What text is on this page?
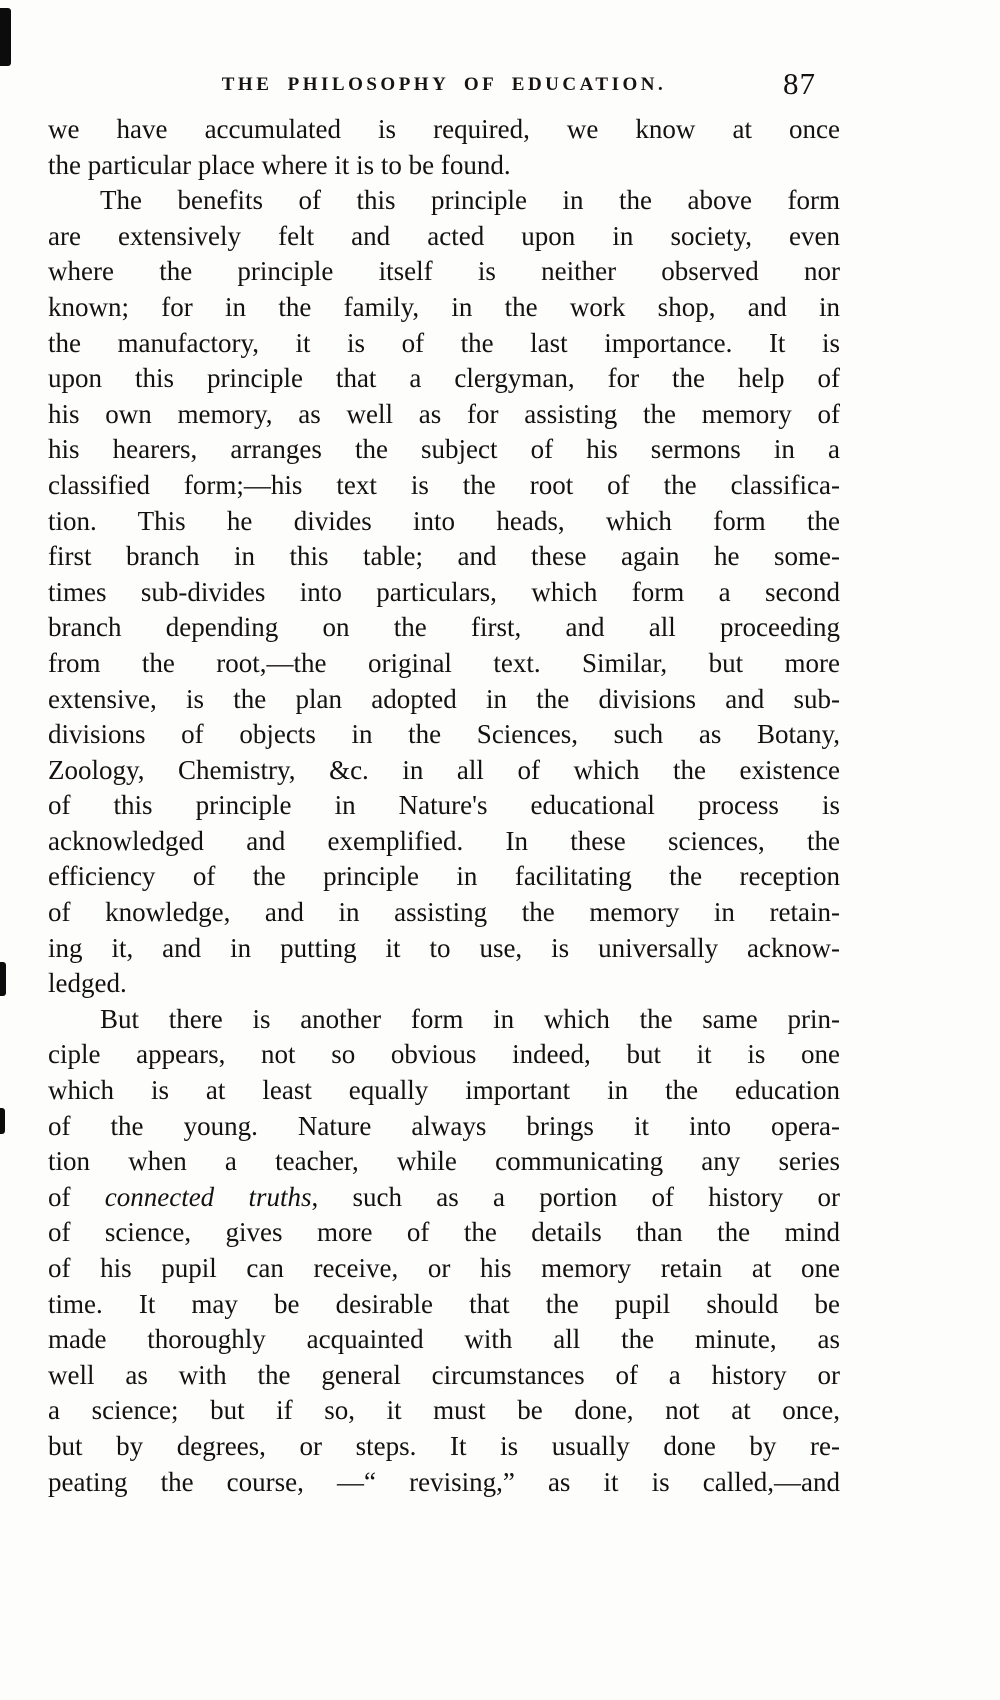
THE PHILOSOPHY OF EDUCATION.	87
we have accumulated is required, we know at once
the particular place where it is to be found.
The benefits of this principle in the above form
are extensively felt and acted upon in society, even
where the principle itself is neither observed nor
known; for in the family, in the work shop, and in
the manufactory, it is of the last importance. It is
upon this principle that a clergyman, for the help of
his own memory, as well as for assisting the memory of
his hearers, arranges the subject of his sermons in a
classified form;—his text is the root of the classifica-
tion. This he divides into heads, which form the
first branch in this table; and these again he some-
times sub-divides into particulars, which form a second
branch depending on the first, and all proceeding
from the root,—the original text. Similar, but more
extensive, is the plan adopted in the divisions and sub-
divisions of objects in the Sciences, such as Botany,
Zoology, Chemistry, &c. in all of which the existence
of this principle in Nature's educational process is
acknowledged and exemplified. In these sciences, the
efficiency of the principle in facilitating the reception
of knowledge, and in assisting the memory in retain-
ing it, and in putting it to use, is universally acknow-
ledged.
But there is another form in which the same prin-
ciple appears, not so obvious indeed, but it is one
which is at least equally important in the education
of the young. Nature always brings it into opera-
tion when a teacher, while communicating any series
of connected truths, such as a portion of history or
of science, gives more of the details than the mind
of his pupil can receive, or his memory retain at one
time. It may be desirable that the pupil should be
made thoroughly acquainted with all the minute, as
well as with the general circumstances of a history or
a science; but if so, it must be done, not at once,
but by degrees, or steps. It is usually done by re-
peating the course, —“ revising,” as it is called,—and
